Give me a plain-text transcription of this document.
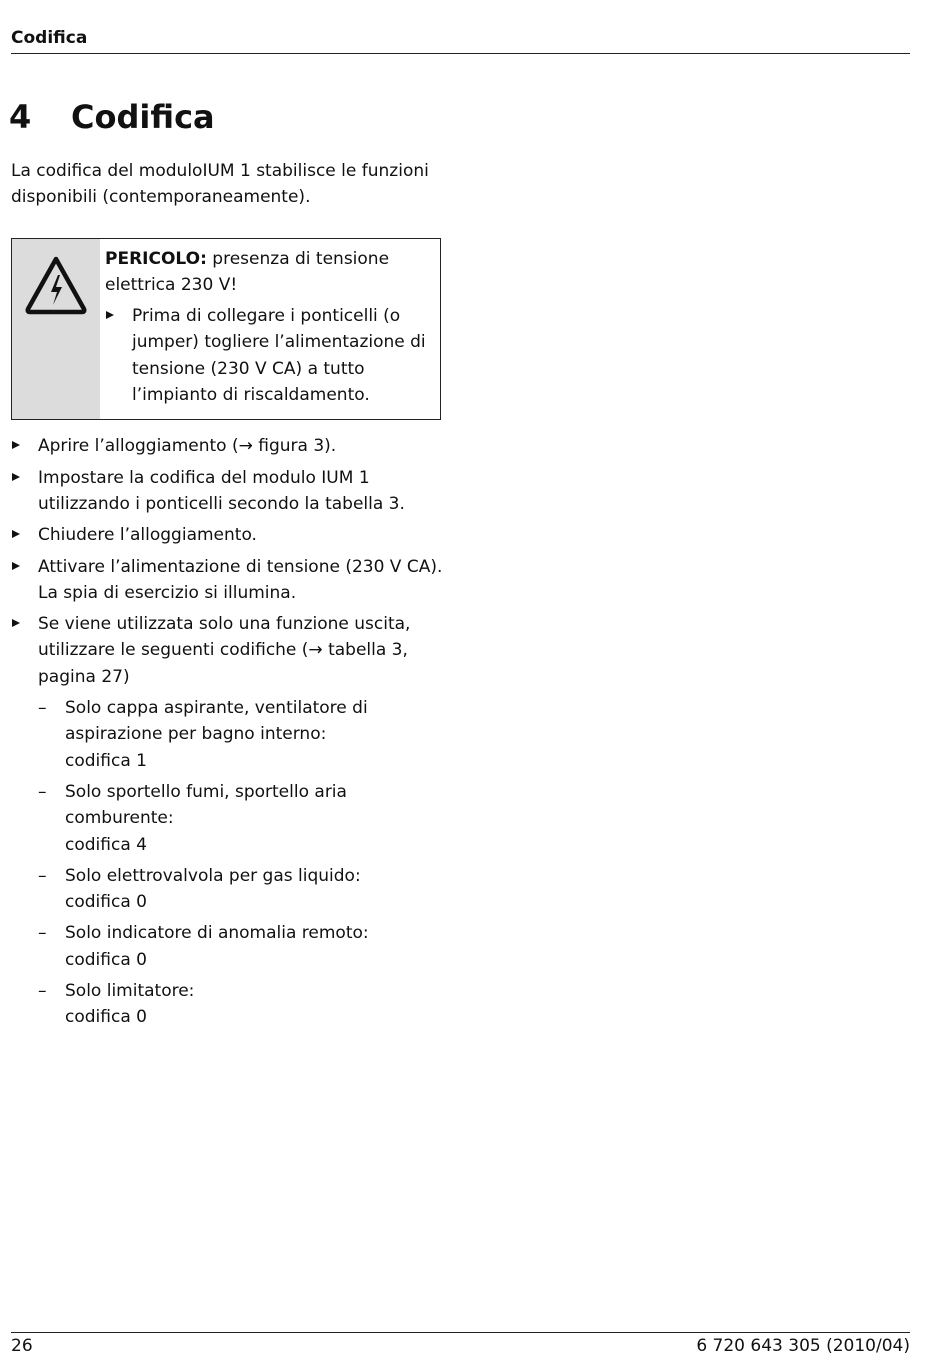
Codifica
4 Codifica

La codifica del moduloIUM 1 stabilisce le funzioni disponibili (contemporaneamente).

PERICOLO: presenza di tensione elettrica 230 V!
Prima di collegare i ponticelli (o jumper) togliere l’alimentazione di tensione (230 V CA) a tutto l’impianto di riscaldamento.
Aprire l’alloggiamento (→ figura 3).
Impostare la codifica del modulo IUM 1 utilizzando i ponticelli secondo la tabella 3.
Chiudere l’alloggiamento.
Attivare l’alimentazione di tensione (230 V CA).
La spia di esercizio si illumina.
Se viene utilizzata solo una funzione uscita, utilizzare le seguenti codifiche (→ tabella 3, pagina 27)
– Solo cappa aspirante, ventilatore di aspirazione per bagno interno:
codifica 1
– Solo sportello fumi, sportello aria comburente:
codifica 4
– Solo elettrovalvola per gas liquido:
codifica 0
– Solo indicatore di anomalia remoto:
codifica 0
– Solo limitatore:
codifica 0
26	6 720 643 305 (2010/04)
